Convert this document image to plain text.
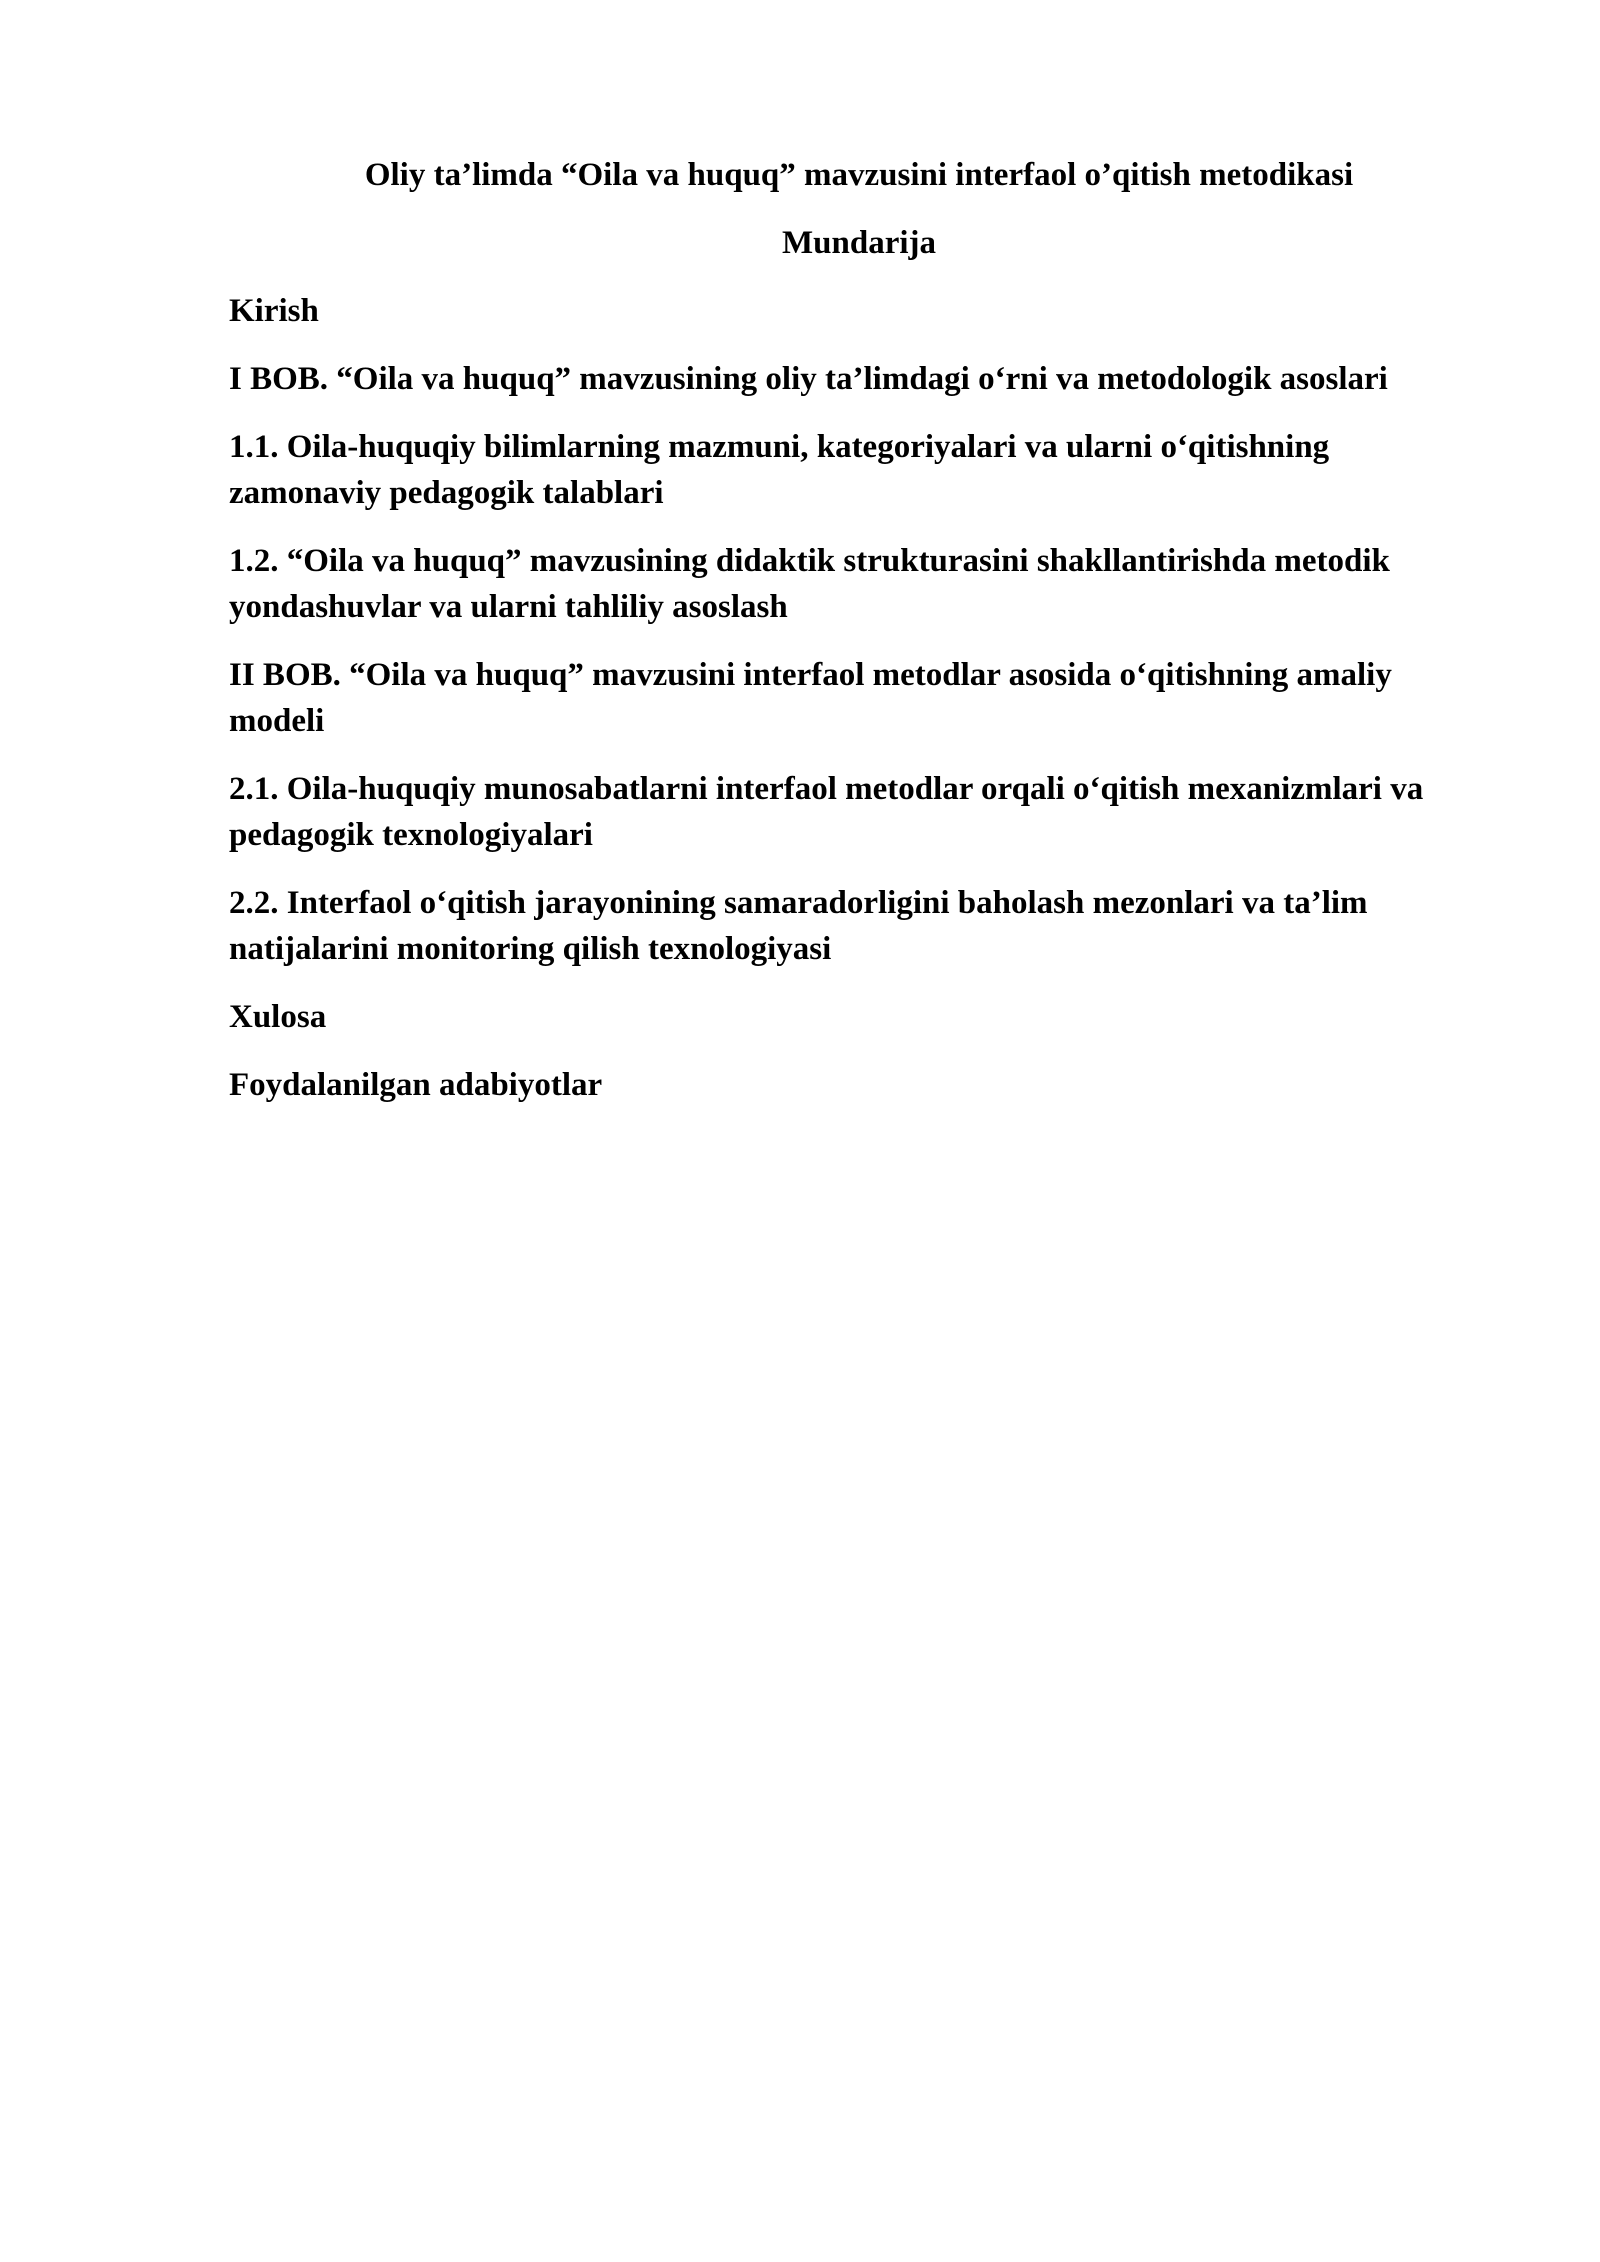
Oliy ta’limda “Oila va huquq” mavzusini interfaol o’qitish metodikasi

Mundarija

Kirish
I BOB. “Oila va huquq” mavzusining oliy ta’limdagi o‘rni va metodologik asoslari
1.1. Oila-huquqiy bilimlarning mazmuni, kategoriyalari va ularni o‘qitishning zamonaviy pedagogik talablari
1.2. “Oila va huquq” mavzusining didaktik strukturasini shakllantirishda metodik yondashuvlar va ularni tahliliy asoslash
II BOB. “Oila va huquq” mavzusini interfaol metodlar asosida o‘qitishning amaliy modeli
2.1. Oila-huquqiy munosabatlarni interfaol metodlar orqali o‘qitish mexanizmlari va pedagogik texnologiyalari
2.2. Interfaol o‘qitish jarayonining samaradorligini baholash mezonlari va ta’lim natijalarini monitoring qilish texnologiyasi
Xulosa
Foydalanilgan adabiyotlar
